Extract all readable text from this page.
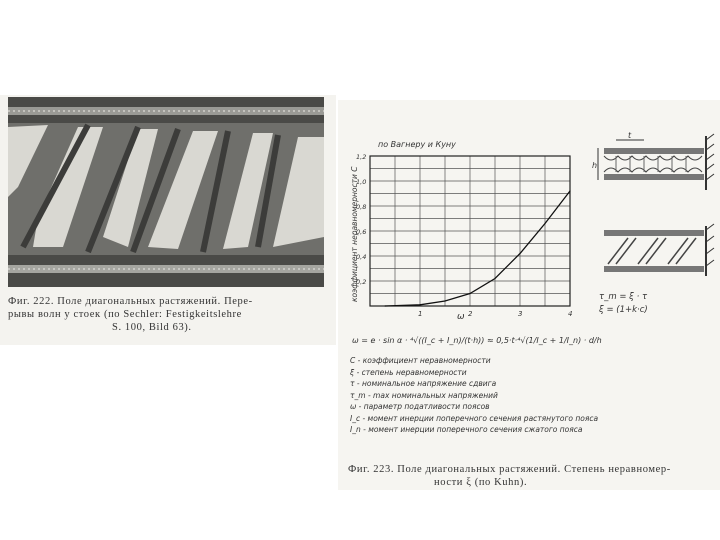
Фиг. 222. Поле диагональных растяжений. Пере-
рывы волн у стоек (по Sechler: Festigkeitslehre
S. 100, Bild 63).
по Вагнеру и Куну
коэффициент неравномерности С
1	2	3	4
0,2
0,4
0,6
0,8
1,0
1,2
ω
ω = e · sin α · ⁴√((I_c + I_n)/(t·h)) ≈ 0,5·t·⁴√(1/I_c + 1/I_n) · d/h
С - коэффициент неравномерности
ξ - степень неравномерности
τ - номинальное напряжение сдвига
τ_m - max номинальных напряжений
ω - параметр податливости поясов
I_c - момент инерции поперечного сечения растянутого пояса
I_n - момент инерции поперечного сечения сжатого пояса
t
h
τ_m = ξ · τ
ξ = (1+k·c)
Фиг. 223. Поле диагональных растяжений. Степень неравномер-
ности ξ (по Kuhn).
